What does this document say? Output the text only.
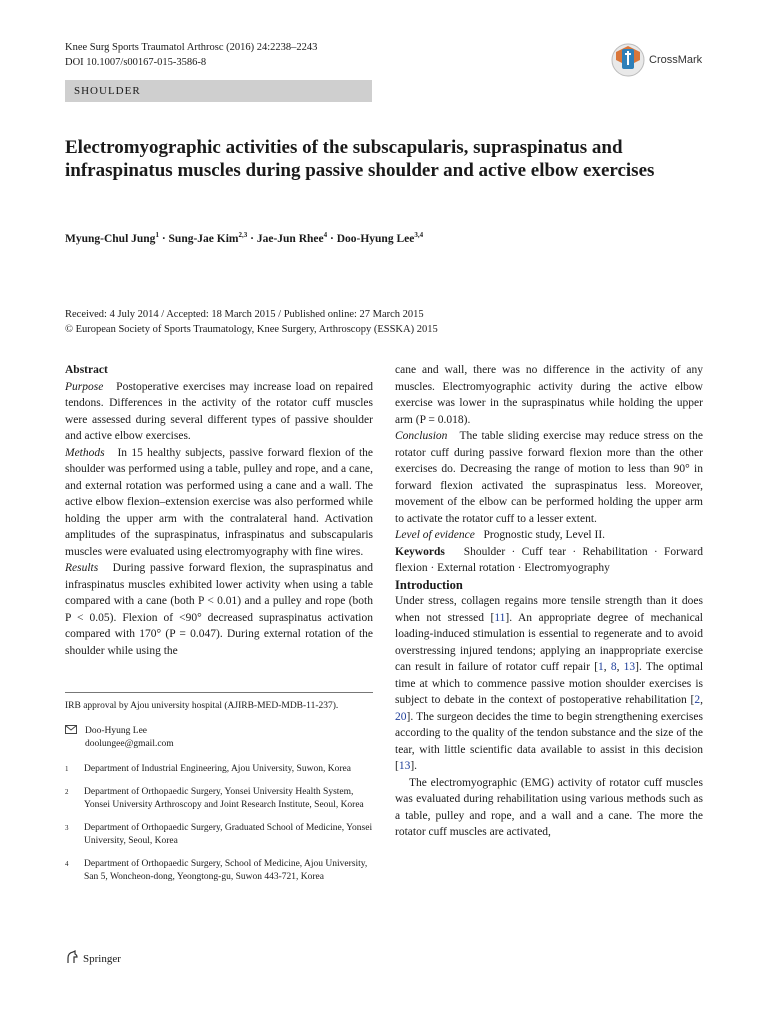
Knee Surg Sports Traumatol Arthrosc (2016) 24:2238–2243
DOI 10.1007/s00167-015-3586-8	CrossMark
SHOULDER
Electromyographic activities of the subscapularis, supraspinatus and infraspinatus muscles during passive shoulder and active elbow exercises
Myung-Chul Jung$^1$ · Sung-Jae Kim$^{2,3}$ · Jae-Jun Rhee$^4$ · Doo-Hyung Lee$^{3,4}$
Received: 4 July 2014 / Accepted: 18 March 2015 / Published online: 27 March 2015
© European Society of Sports Traumatology, Knee Surgery, Arthroscopy (ESSKA) 2015

Abstract

Purpose Postoperative exercises may increase load on repaired tendons. Differences in the activity of the rotator cuff muscles were assessed during several different types of passive shoulder and active elbow exercises.

Methods In 15 healthy subjects, passive forward flexion of the shoulder was performed using a table, pulley and rope, and a cane, and external rotation was performed using a cane and a wall. The active elbow flexion–extension exercise was also performed while holding the upper arm with the contralateral hand. Activation amplitudes of the supraspinatus, infraspinatus and subscapularis muscles were evaluated using electromyography with fine wires.

Results During passive forward flexion, the supraspinatus and infraspinatus muscles exhibited lower activity when using a table compared with a cane (both P < 0.01) and a pulley and rope (both P < 0.05). Flexion of <90° decreased supraspinatus activation compared with 170° (P = 0.047). During external rotation of the shoulder while using the

cane and wall, there was no difference in the activity of any muscles. Electromyographic activity during the active elbow exercise was lower in the supraspinatus while holding the upper arm (P = 0.018).

Conclusion The table sliding exercise may reduce stress on the rotator cuff during passive forward flexion more than the other exercises do. Decreasing the range of motion to less than 90° in forward flexion activated the supraspinatus less. Moreover, movement of the elbow can be performed holding the upper arm to activate the rotator cuff to a lesser extent.

Level of evidence Prognostic study, Level II.

Keywords Shoulder · Cuff tear · Rehabilitation · Forward flexion · External rotation · Electromyography

Introduction

Under stress, collagen regains more tensile strength than it does when not stressed [11]. An appropriate degree of mechanical loading-induced stimulation is essential to regenerate and to avoid overstressing injured tendons; applying an inappropriate exercise can result in failure of rotator cuff repair [1, 8, 13]. The optimal time at which to commence passive motion shoulder exercises is subject to debate in the context of postoperative rehabilitation [2, 20]. The surgeon decides the time to begin strengthening exercises according to the quality of the tendon substance and the size of the tear, with little scientific data available to assist in this decision [13].

The electromyographic (EMG) activity of rotator cuff muscles was evaluated during rehabilitation using various methods such as a table, pulley and rope, and a wall and a cane. The more the rotator cuff muscles are activated,

IRB approval by Ajou university hospital (AJIRB-MED-MDB-11-237).
Doo-Hyung Lee
doolungee@gmail.com
1	Department of Industrial Engineering, Ajou University, Suwon, Korea
2	Department of Orthopaedic Surgery, Yonsei University Health System, Yonsei University Arthroscopy and Joint Research Institute, Seoul, Korea
3	Department of Orthopaedic Surgery, Graduated School of Medicine, Yonsei University, Seoul, Korea
4	Department of Orthopaedic Surgery, School of Medicine, Ajou University, San 5, Woncheon-dong, Yeongtong-gu, Suwon 443-721, Korea
Springer
